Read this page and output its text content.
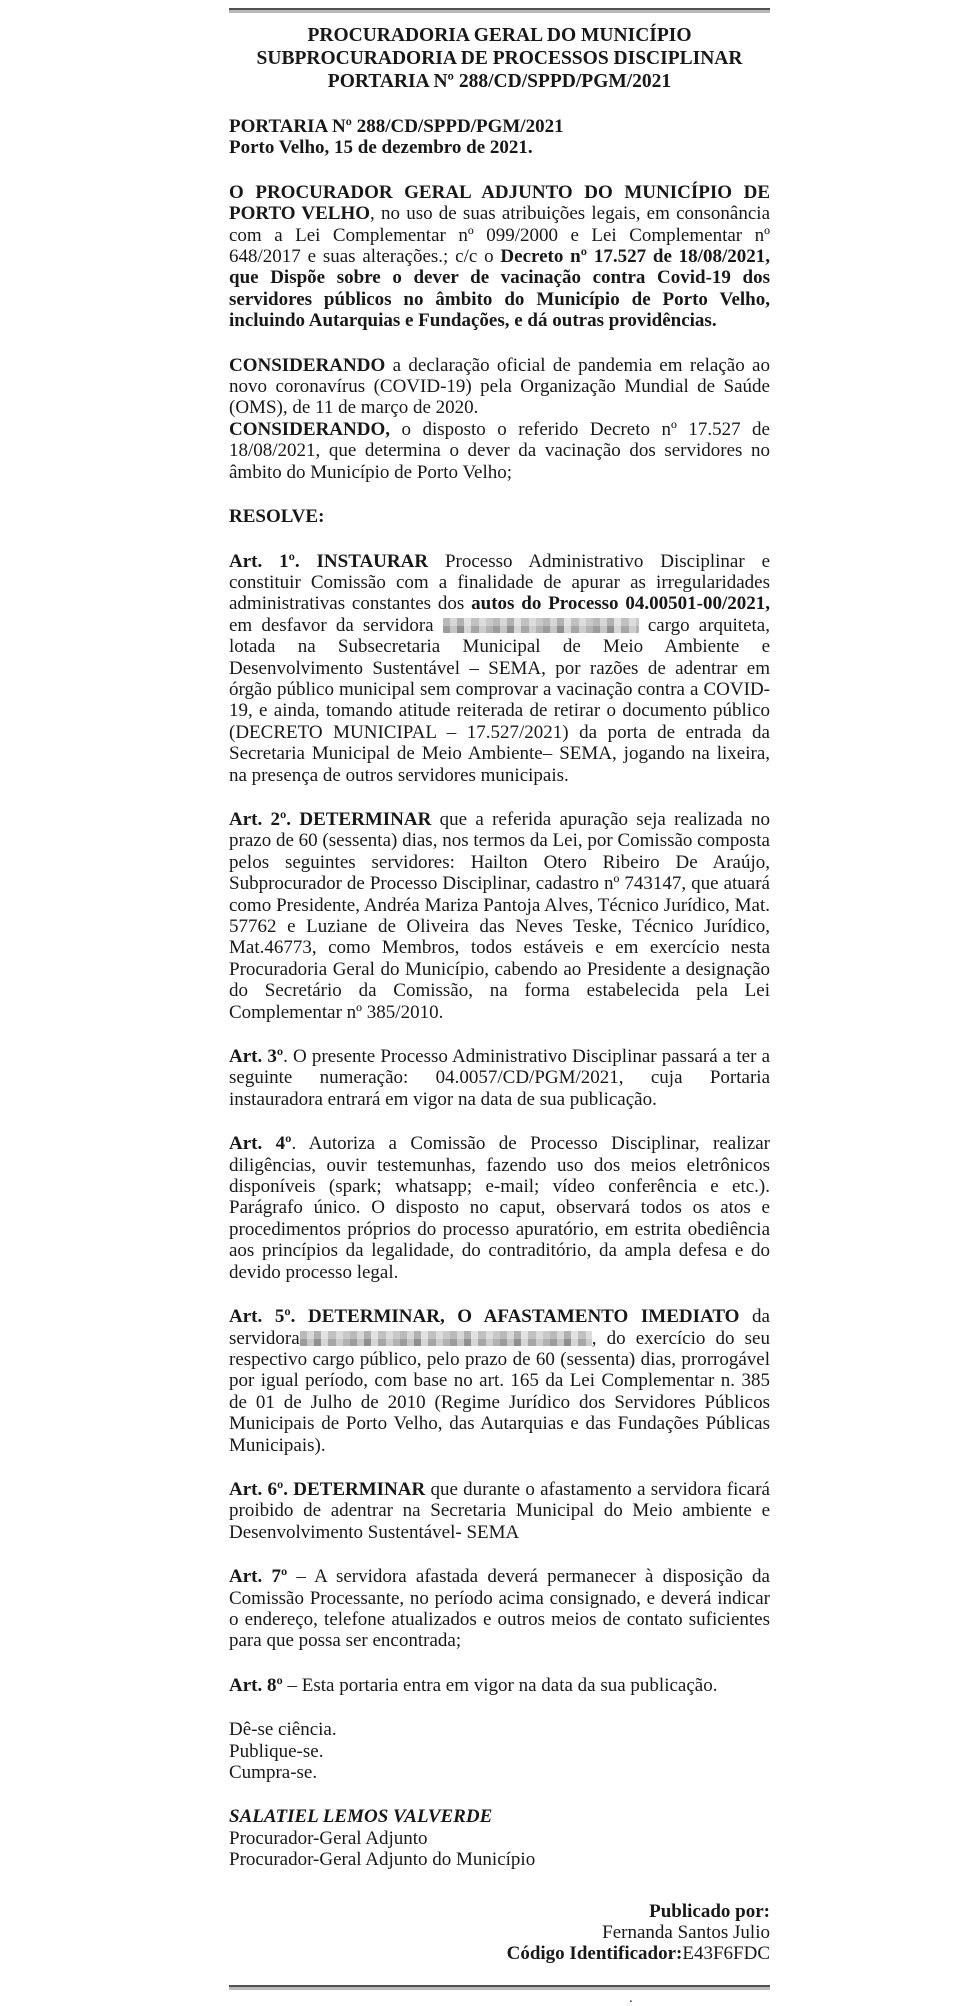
PROCURADORIA GERAL DO MUNICÍPIO
SUBPROCURADORIA DE PROCESSOS DISCIPLINAR
PORTARIA Nº 288/CD/SPPD/PGM/2021

PORTARIA Nº 288/CD/SPPD/PGM/2021

Porto Velho, 15 de dezembro de 2021.

O PROCURADOR GERAL ADJUNTO DO MUNICÍPIO DE PORTO VELHO, no uso de suas atribuições legais, em consonância com a Lei Complementar nº 099/2000 e Lei Complementar nº 648/2017 e suas alterações.; c/c o Decreto nº 17.527 de 18/08/2021, que Dispõe sobre o dever de vacinação contra Covid-19 dos servidores públicos no âmbito do Município de Porto Velho, incluindo Autarquias e Fundações, e dá outras providências.

CONSIDERANDO a declaração oficial de pandemia em relação ao novo coronavírus (COVID-19) pela Organização Mundial de Saúde (OMS), de 11 de março de 2020.

CONSIDERANDO, o disposto o referido Decreto nº 17.527 de 18/08/2021, que determina o dever da vacinação dos servidores no âmbito do Município de Porto Velho;

RESOLVE:

Art. 1º. INSTAURAR Processo Administrativo Disciplinar e constituir Comissão com a finalidade de apurar as irregularidades administrativas constantes dos autos do Processo 04.00501-00/2021, em desfavor da servidora	cargo arquiteta, lotada na Subsecretaria Municipal de Meio Ambiente e Desenvolvimento Sustentável – SEMA, por razões de adentrar em órgão público municipal sem comprovar a vacinação contra a COVID-19, e ainda, tomando atitude reiterada de retirar o documento público (DECRETO MUNICIPAL – 17.527/2021) da porta de entrada da Secretaria Municipal de Meio Ambiente– SEMA, jogando na lixeira, na presença de outros servidores municipais.

Art. 2º. DETERMINAR que a referida apuração seja realizada no prazo de 60 (sessenta) dias, nos termos da Lei, por Comissão composta pelos seguintes servidores: Hailton Otero Ribeiro De Araújo, Subprocurador de Processo Disciplinar, cadastro nº 743147, que atuará como Presidente, Andréa Mariza Pantoja Alves, Técnico Jurídico, Mat. 57762 e Luziane de Oliveira das Neves Teske, Técnico Jurídico, Mat.46773, como Membros, todos estáveis e em exercício nesta Procuradoria Geral do Município, cabendo ao Presidente a designação do Secretário da Comissão, na forma estabelecida pela Lei Complementar nº 385/2010.

Art. 3º. O presente Processo Administrativo Disciplinar passará a ter a seguinte numeração: 04.0057/CD/PGM/2021, cuja Portaria instauradora entrará em vigor na data de sua publicação.

Art. 4º. Autoriza a Comissão de Processo Disciplinar, realizar diligências, ouvir testemunhas, fazendo uso dos meios eletrônicos disponíveis (spark; whatsapp; e-mail; vídeo conferência e etc.). Parágrafo único. O disposto no caput, observará todos os atos e procedimentos próprios do processo apuratório, em estrita obediência aos princípios da legalidade, do contraditório, da ampla defesa e do devido processo legal.

Art. 5º. DETERMINAR, O AFASTAMENTO IMEDIATO da servidora	, do exercício do seu respectivo cargo público, pelo prazo de 60 (sessenta) dias, prorrogável por igual período, com base no art. 165 da Lei Complementar n. 385 de 01 de Julho de 2010 (Regime Jurídico dos Servidores Públicos Municipais de Porto Velho, das Autarquias e das Fundações Públicas Municipais).

Art. 6º. DETERMINAR que durante o afastamento a servidora ficará proibido de adentrar na Secretaria Municipal do Meio ambiente e Desenvolvimento Sustentável- SEMA

Art. 7º – A servidora afastada deverá permanecer à disposição da Comissão Processante, no período acima consignado, e deverá indicar o endereço, telefone atualizados e outros meios de contato suficientes para que possa ser encontrada;

Art. 8º – Esta portaria entra em vigor na data da sua publicação.

Dê-se ciência.

Publique-se.

Cumpra-se.

SALATIEL LEMOS VALVERDE

Procurador-Geral Adjunto

Procurador-Geral Adjunto do Município

Publicado por:

Fernanda Santos Julio

Código Identificador:E43F6FDC

.
